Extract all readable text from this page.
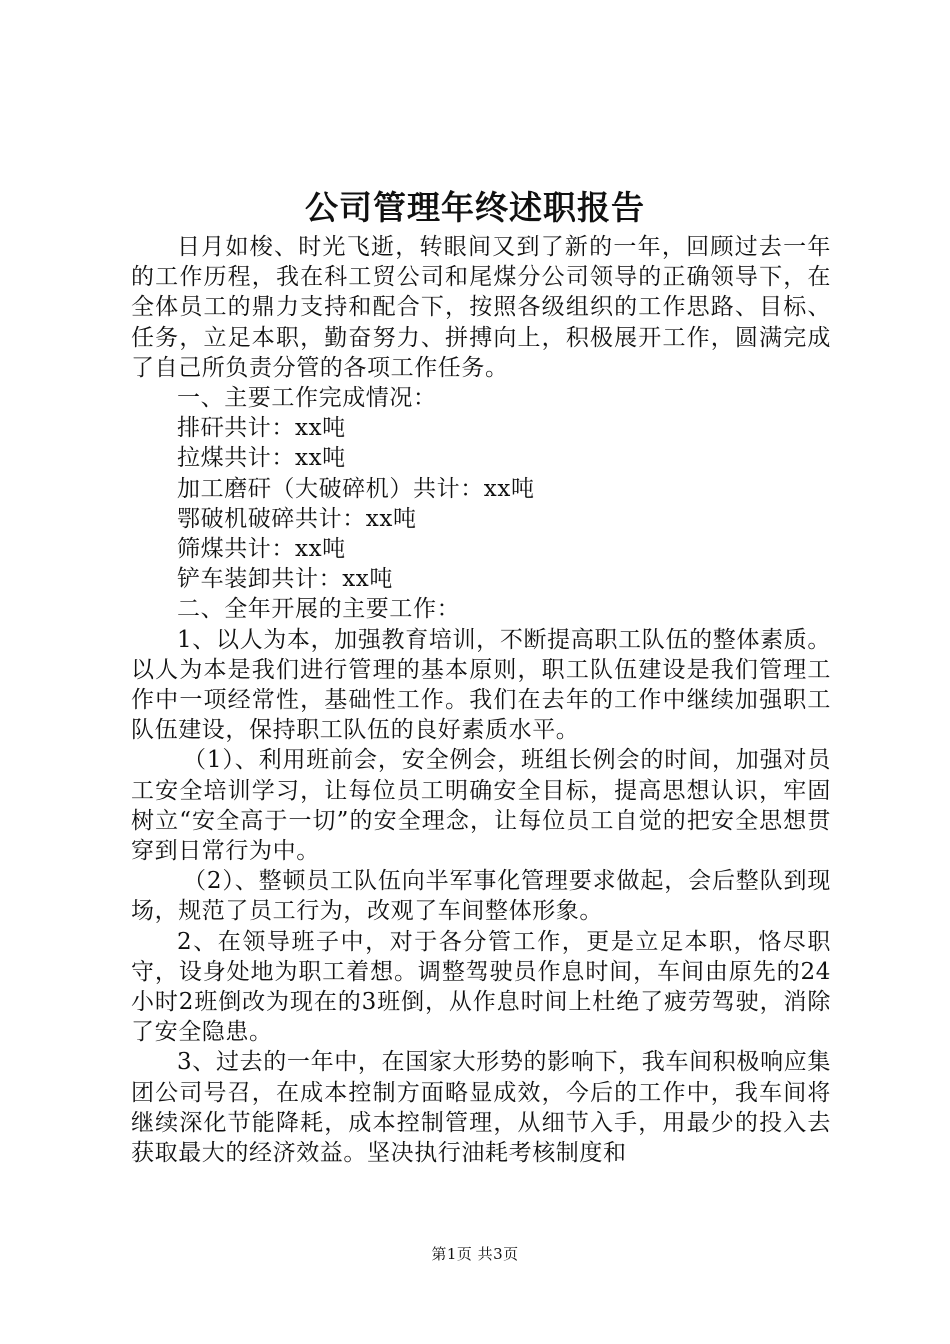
公司管理年终述职报告

日月如梭、时光飞逝，转眼间又到了新的一年，回顾过去一年的工作历程，我在科工贸公司和尾煤分公司领导的正确领导下，在全体员工的鼎力支持和配合下，按照各级组织的工作思路、目标、任务，立足本职，勤奋努力、拼搏向上，积极展开工作，圆满完成了自己所负责分管的各项工作任务。

一、主要工作完成情况：

排矸共计：xx吨

拉煤共计：xx吨

加工磨矸（大破碎机）共计：xx吨

鄂破机破碎共计：xx吨

筛煤共计：xx吨

铲车装卸共计：xx吨

二、全年开展的主要工作：

1、以人为本，加强教育培训，不断提高职工队伍的整体素质。以人为本是我们进行管理的基本原则，职工队伍建设是我们管理工作中一项经常性，基础性工作。我们在去年的工作中继续加强职工队伍建设，保持职工队伍的良好素质水平。

（1）、利用班前会，安全例会，班组长例会的时间，加强对员工安全培训学习，让每位员工明确安全目标，提高思想认识，牢固树立“安全高于一切”的安全理念，让每位员工自觉的把安全思想贯穿到日常行为中。

（2）、整顿员工队伍向半军事化管理要求做起，会后整队到现场，规范了员工行为，改观了车间整体形象。

2、在领导班子中，对于各分管工作，更是立足本职，恪尽职守，设身处地为职工着想。调整驾驶员作息时间，车间由原先的24小时2班倒改为现在的3班倒，从作息时间上杜绝了疲劳驾驶，消除了安全隐患。

3、过去的一年中，在国家大形势的影响下，我车间积极响应集团公司号召，在成本控制方面略显成效，今后的工作中，我车间将继续深化节能降耗，成本控制管理，从细节入手，用最少的投入去获取最大的经济效益。坚决执行油耗考核制度和

第1页 共3页
